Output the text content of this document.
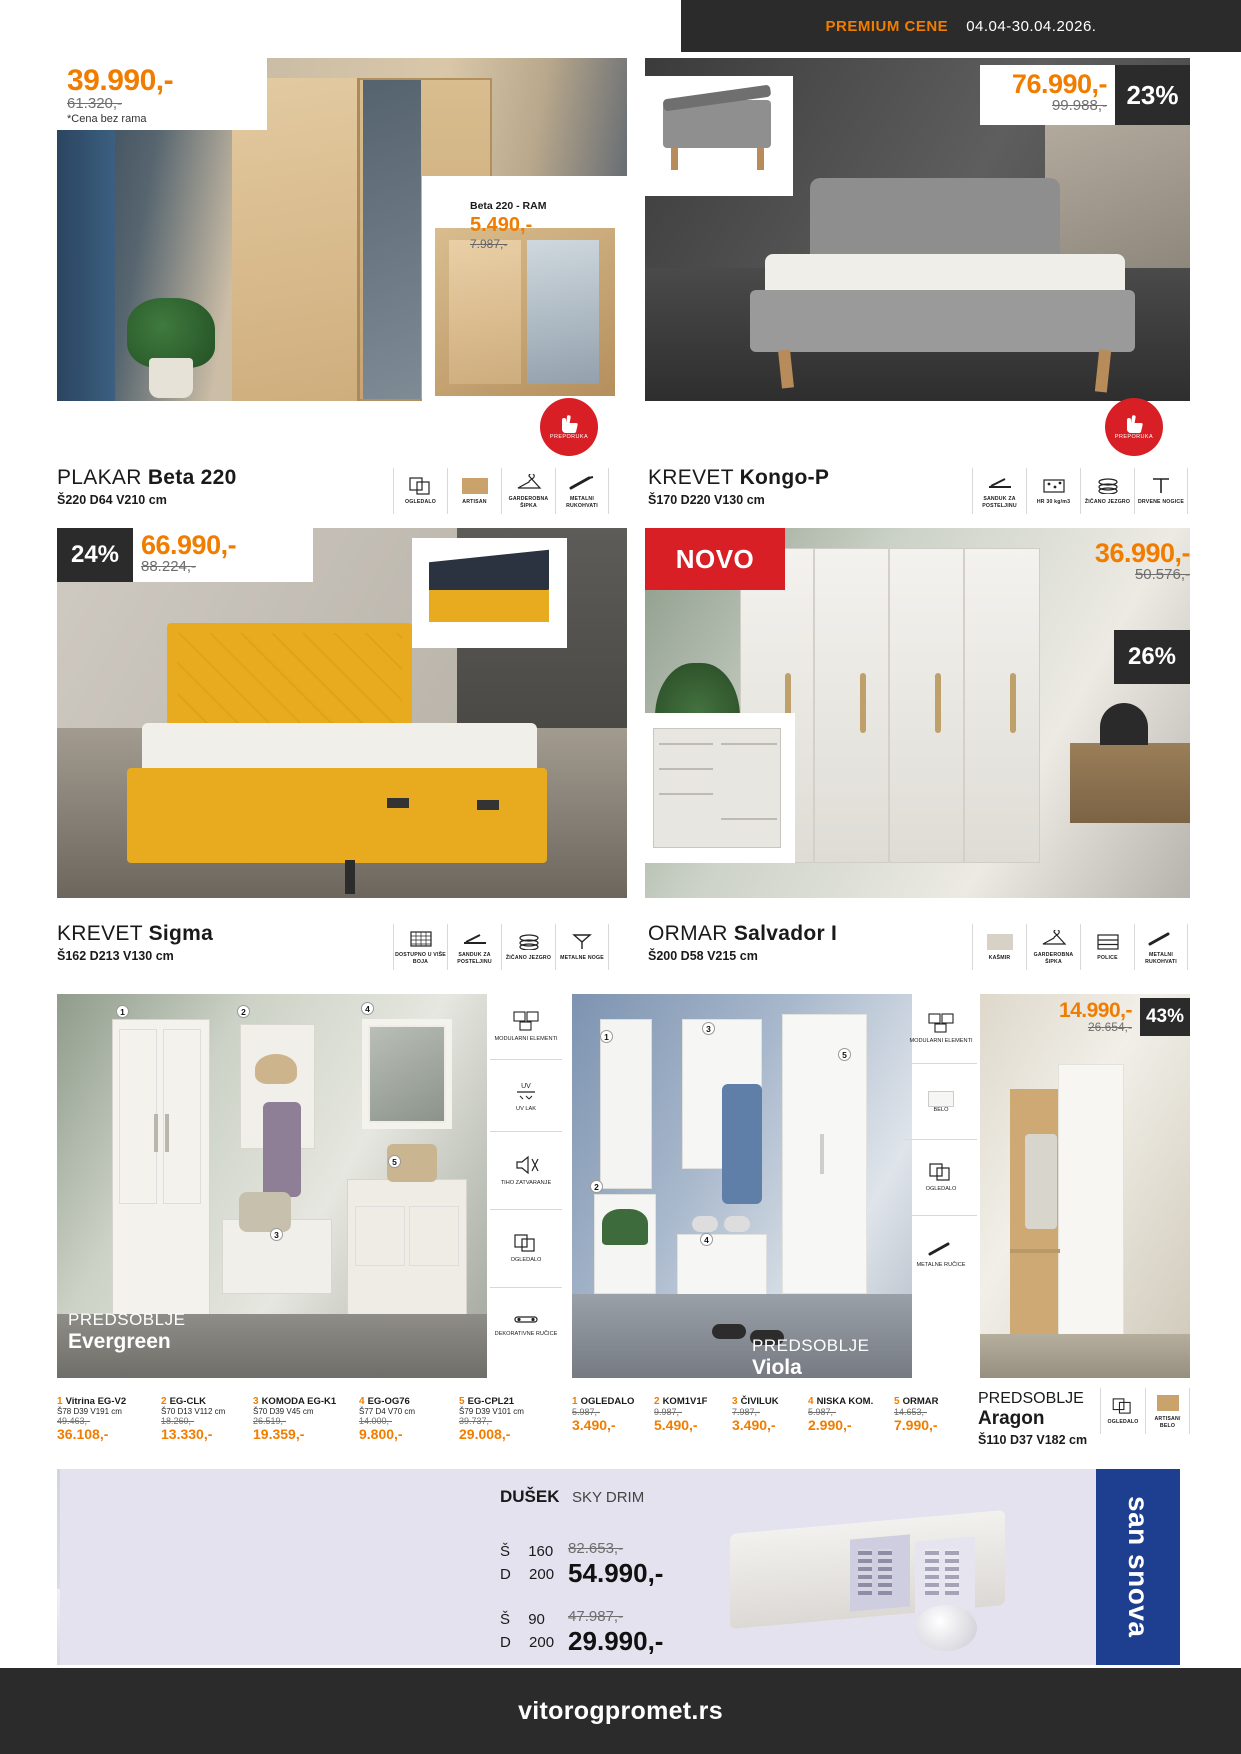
PREMIUM CENE 04.04-30.04.2026.
39.990,-
61.320,-
*Cena bez rama
Beta 220 - RAM
5.490,-
7.987,-
PREPORUKA
PLAKAR Beta 220
Š220 D64 V210 cm	OGLEDALO	ARTISAN
GARDEROBNA ŠIPKA
METALNI RUKOHVATI
76.990,-
99.988,- 23%
PREPORUKA
KREVET Kongo-P
Š170 D220 V130 cm	SANDUK ZA POSTELJINU
HR 30 kg/m3	ŽIČANO JEZGRO DRVENE NOGICE
24% 66.990,-
88.224,-
KREVET Sigma
Š162 D213 V130 cm	DOSTUPNO U VIŠE BOJA
SANDUK ZA POSTELJINU
ŽIČANO JEZGRO METALNE NOGE
NOVO	36.990,-
50.576,-
26%
ORMAR Salvador I
Š200 D58 V215 cm	KAŠMIR
GARDEROBNA ŠIPKA
POLICE
METALNI RUKOHVATI
1	2
3
4
5
PREDSOBLJE
Evergreen
MODULARNI ELEMENTI
UV
UV LAK
TIHO ZATVARANJE
OGLEDALO
DEKORATIVNE RUČICE
1 Vitrina EG-V2
Š78 D39 V191 cm
49.463,-
36.108,-
2 EG-CLK
Š70 D13 V112 cm
18.260,-
13.330,-
3 KOMODA EG-K1
Š70 D39 V45 cm
26.519,-
19.359,-
4 EG-OG76
Š77 D4 V70 cm
14.000,-
9.800,-
5 EG-CPL21
Š79 D39 V101 cm
39.737,-
29.008,-
1
2
3
4
5
PREDSOBLJE
Viola
1 OGLEDALO
5.987,-
3.490,-
2 KOM1V1F
9.987,-
5.490,-
3 ČIVILUK
7.987,-
3.490,-
4 NISKA KOM.
5.987,-
2.990,-
5 ORMAR
14.653,-
7.990,-
MODULARNI ELEMENTI
BELO
OGLEDALO
METALNE RUČICE
14.990,-
26.654,- 43%
PREDSOBLJE
Aragon
Š110 D37 V182 cm
OGLEDALO
ARTISAN/ BELO
DUŠEK SKY DRIM
Š 160
D 200
82.653,-
54.990,-
Š 90
D 200
47.987,-
29.990,-
san snova
vitorogpromet.rs
